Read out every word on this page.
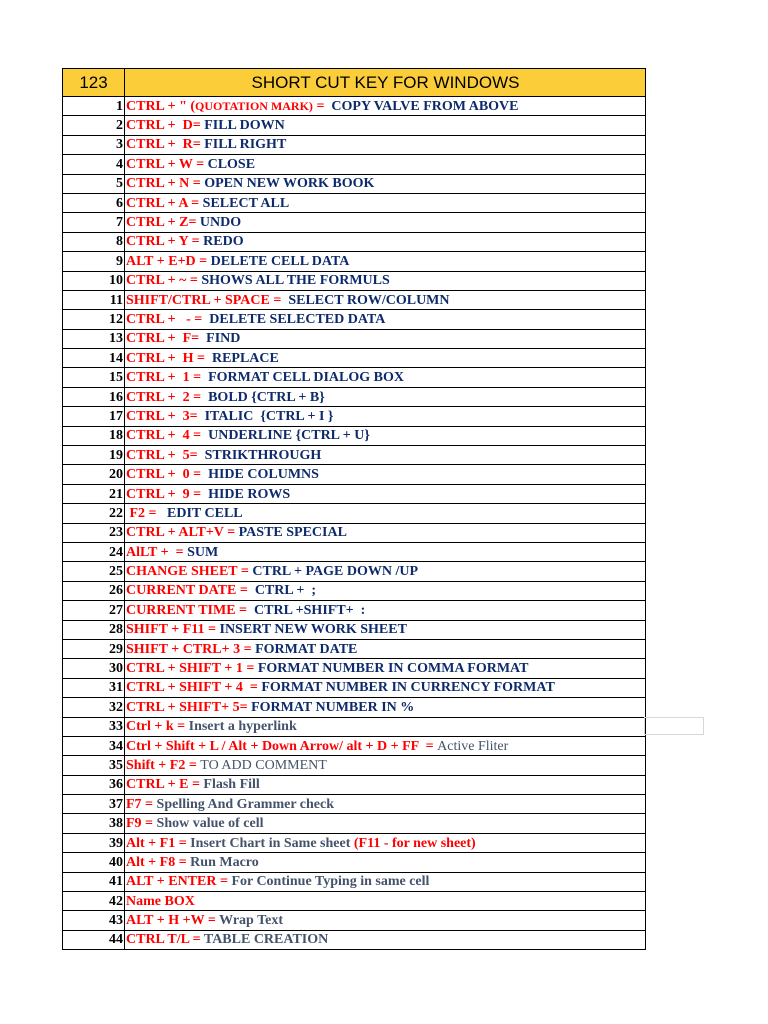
123	SHORT CUT KEY FOR WINDOWS
1	CTRL + " (QUOTATION MARK) =  COPY VALVE FROM ABOVE
2	CTRL +  D= FILL DOWN
3	CTRL +  R= FILL RIGHT
4	CTRL + W = CLOSE
5	CTRL + N = OPEN NEW WORK BOOK
6	CTRL + A = SELECT ALL
7	CTRL + Z= UNDO
8	CTRL + Y = REDO
9	ALT + E+D = DELETE CELL DATA
10	CTRL + ~ = SHOWS ALL THE FORMULS
11	SHIFT/CTRL + SPACE =  SELECT ROW/COLUMN
12	CTRL +   - =  DELETE SELECTED DATA
13	CTRL +  F=  FIND
14	CTRL +  H =  REPLACE
15	CTRL +  1 =  FORMAT CELL DIALOG BOX
16	CTRL +  2 =  BOLD {CTRL + B}
17	CTRL +  3=  ITALIC  {CTRL + I }
18	CTRL +  4 =  UNDERLINE {CTRL + U}
19	CTRL +  5=  STRIKTHROUGH
20	CTRL +  0 =  HIDE COLUMNS
21	CTRL +  9 =  HIDE ROWS
22	F2 =   EDIT CELL
23	CTRL + ALT+V = PASTE SPECIAL
24	AlLT +  = SUM
25	CHANGE SHEET = CTRL + PAGE DOWN /UP
26	CURRENT DATE =  CTRL +  ;
27	CURRENT TIME =  CTRL +SHIFT+  :
28	SHIFT + F11 = INSERT NEW WORK SHEET
29	SHIFT + CTRL+ 3 = FORMAT DATE
30	CTRL + SHIFT + 1 = FORMAT NUMBER IN COMMA FORMAT
31	CTRL + SHIFT + 4  = FORMAT NUMBER IN CURRENCY FORMAT
32	CTRL + SHIFT+ 5= FORMAT NUMBER IN %
33	Ctrl + k = Insert a hyperlink
34	Ctrl + Shift + L / Alt + Down Arrow/ alt + D + FF  = Active Fliter
35	Shift + F2 = TO ADD COMMENT
36	CTRL + E = Flash Fill
37	F7 = Spelling And Grammer check
38	F9 = Show value of cell
39	Alt + F1 = Insert Chart in Same sheet (F11 - for new sheet)
40	Alt + F8 = Run Macro
41	ALT + ENTER = For Continue Typing in same cell
42	Name BOX
43	ALT + H +W = Wrap Text
44	CTRL T/L = TABLE CREATION
